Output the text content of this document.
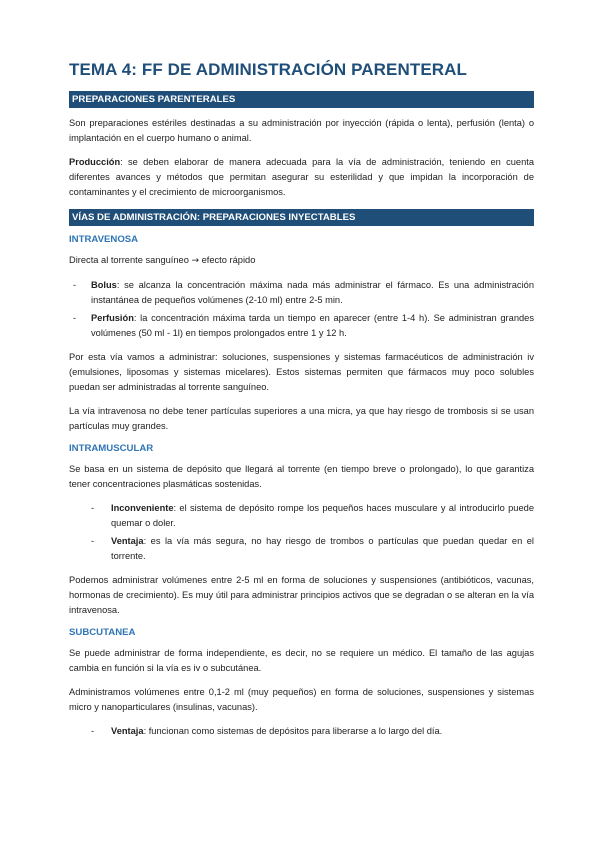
TEMA 4: FF DE ADMINISTRACIÓN PARENTERAL
PREPARACIONES PARENTERALES

Son preparaciones estériles destinadas a su administración por inyección (rápida o lenta), perfusión (lenta) o implantación en el cuerpo humano o animal.

Producción: se deben elaborar de manera adecuada para la vía de administración, teniendo en cuenta diferentes avances y métodos que permitan asegurar su esterilidad y que impidan la incorporación de contaminantes y el crecimiento de microorganismos.

VÍAS DE ADMINISTRACIÓN: PREPARACIONES INYECTABLES
INTRAVENOSA

Directa al torrente sanguíneo → efecto rápido

-	Bolus: se alcanza la concentración máxima nada más administrar el fármaco. Es una administración instantánea de pequeños volúmenes (2-10 ml) entre 2-5 min.
-	Perfusión: la concentración máxima tarda un tiempo en aparecer (entre 1-4 h). Se administran grandes volúmenes (50 ml - 1l) en tiempos prolongados entre 1 y 12 h.

Por esta vía vamos a administrar: soluciones, suspensiones y sistemas farmacéuticos de administración iv (emulsiones, liposomas y sistemas micelares). Estos sistemas permiten que fármacos muy poco solubles puedan ser administradas al torrente sanguíneo.

La vía intravenosa no debe tener partículas superiores a una micra, ya que hay riesgo de trombosis si se usan partículas muy grandes.

INTRAMUSCULAR

Se basa en un sistema de depósito que llegará al torrente (en tiempo breve o prolongado), lo que garantiza tener concentraciones plasmáticas sostenidas.

-	Inconveniente: el sistema de depósito rompe los pequeños haces musculare y al introducirlo puede quemar o doler.
-	Ventaja: es la vía más segura, no hay riesgo de trombos o partículas que puedan quedar en el torrente.

Podemos administrar volúmenes entre 2-5 ml en forma de soluciones y suspensiones (antibióticos, vacunas, hormonas de crecimiento). Es muy útil para administrar principios activos que se degradan o se alteran en la vía intravenosa.

SUBCUTANEA

Se puede administrar de forma independiente, es decir, no se requiere un médico. El tamaño de las agujas cambia en función si la vía es iv o subcutánea.

Administramos volúmenes entre 0,1-2 ml (muy pequeños) en forma de soluciones, suspensiones y sistemas micro y nanoparticulares (insulinas, vacunas).

-	Ventaja: funcionan como sistemas de depósitos para liberarse a lo largo del día.
